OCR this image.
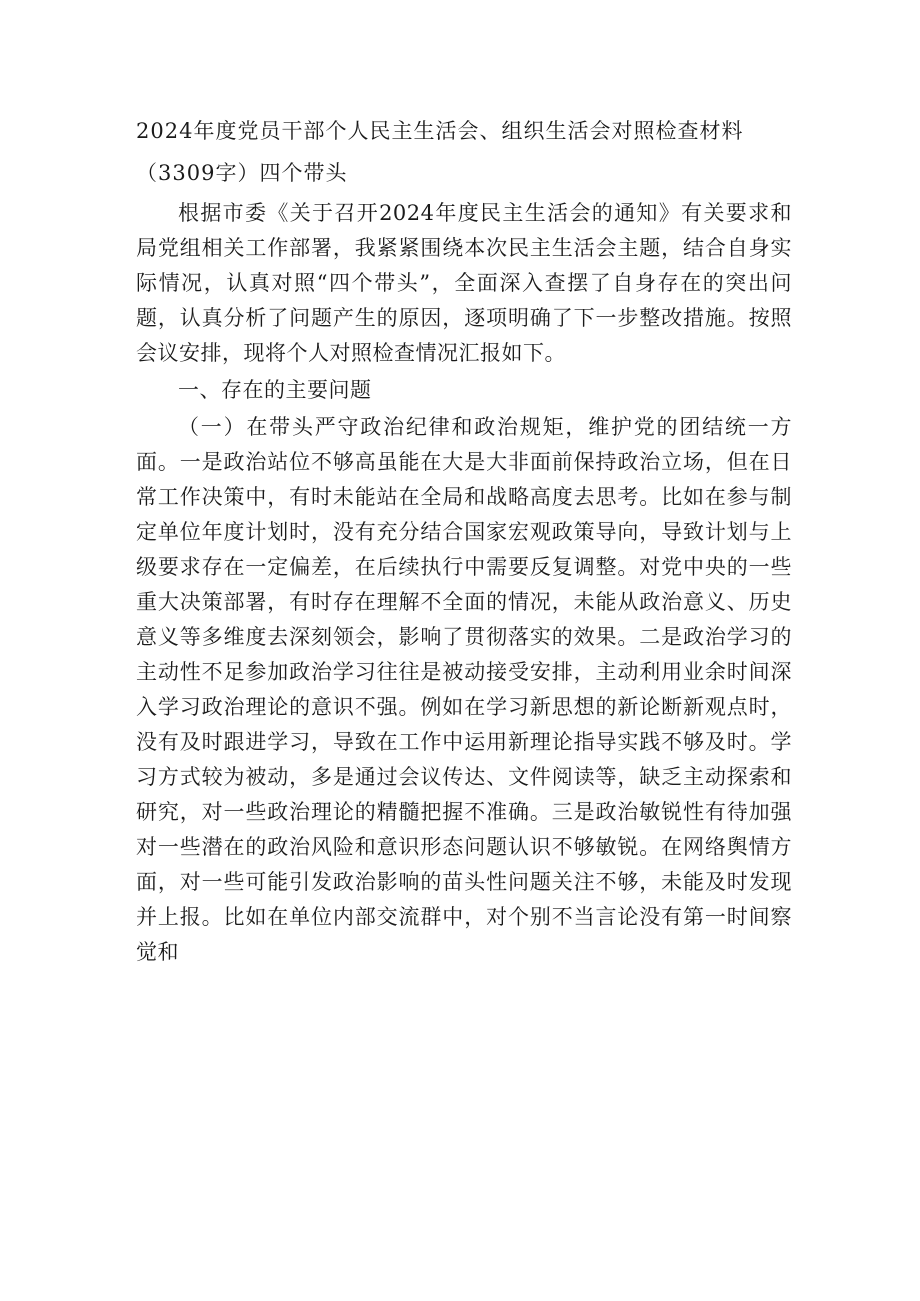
2024年度党员干部个人民主生活会、组织生活会对照检查材料（3309字）四个带头

根据市委《关于召开2024年度民主生活会的通知》有关要求和局党组相关工作部署，我紧紧围绕本次民主生活会主题，结合自身实际情况，认真对照“四个带头”，全面深入查摆了自身存在的突出问题，认真分析了问题产生的原因，逐项明确了下一步整改措施。按照会议安排，现将个人对照检查情况汇报如下。

一、存在的主要问题

（一）在带头严守政治纪律和政治规矩，维护党的团结统一方面。一是政治站位不够高虽能在大是大非面前保持政治立场，但在日常工作决策中，有时未能站在全局和战略高度去思考。比如在参与制定单位年度计划时，没有充分结合国家宏观政策导向，导致计划与上级要求存在一定偏差，在后续执行中需要反复调整。对党中央的一些重大决策部署，有时存在理解不全面的情况，未能从政治意义、历史意义等多维度去深刻领会，影响了贯彻落实的效果。二是政治学习的主动性不足参加政治学习往往是被动接受安排，主动利用业余时间深入学习政治理论的意识不强。例如在学习新思想的新论断新观点时，没有及时跟进学习，导致在工作中运用新理论指导实践不够及时。学习方式较为被动，多是通过会议传达、文件阅读等，缺乏主动探索和研究，对一些政治理论的精髓把握不准确。三是政治敏锐性有待加强对一些潜在的政治风险和意识形态问题认识不够敏锐。在网络舆情方面，对一些可能引发政治影响的苗头性问题关注不够，未能及时发现并上报。比如在单位内部交流群中，对个别不当言论没有第一时间察觉和
